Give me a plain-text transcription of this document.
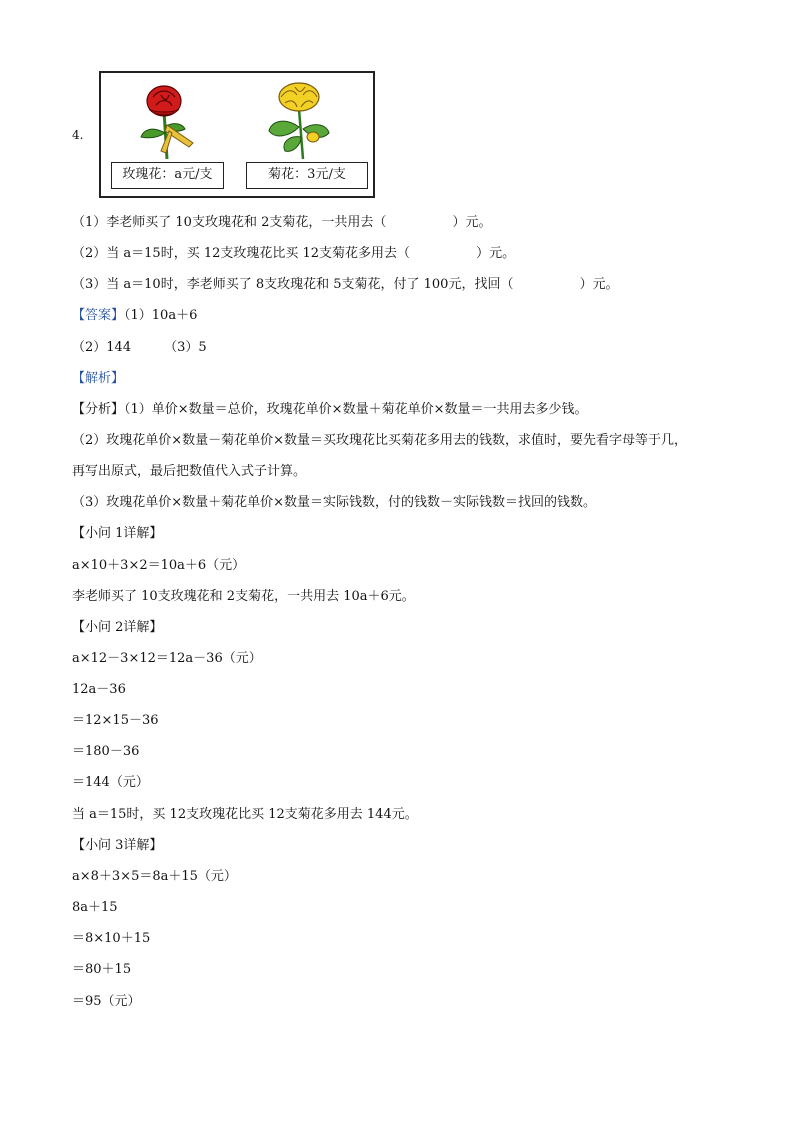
4.
玫瑰花：a元/支	菊花：3元/支
（1）李老师买了 10支玫瑰花和 2支菊花，一共用去（                ）元。
（2）当 a＝15时，买 12支玫瑰花比买 12支菊花多用去（                ）元。
（3）当 a＝10时，李老师买了 8支玫瑰花和 5支菊花，付了 100元，找回（                ）元。
【答案】（1）10a＋6
（2）144        （3）5
【解析】
【分析】（1）单价×数量＝总价，玫瑰花单价×数量＋菊花单价×数量＝一共用去多少钱。
（2）玫瑰花单价×数量－菊花单价×数量＝买玫瑰花比买菊花多用去的钱数，求值时，要先看字母等于几，
再写出原式，最后把数值代入式子计算。
（3）玫瑰花单价×数量＋菊花单价×数量＝实际钱数，付的钱数－实际钱数＝找回的钱数。
【小问 1详解】
a×10＋3×2＝10a＋6（元）
李老师买了 10支玫瑰花和 2支菊花，一共用去 10a＋6元。
【小问 2详解】
a×12－3×12＝12a－36（元）
12a－36
＝12×15－36
＝180－36
＝144（元）
当 a＝15时，买 12支玫瑰花比买 12支菊花多用去 144元。
【小问 3详解】
a×8＋3×5＝8a＋15（元）
8a＋15
＝8×10＋15
＝80＋15
＝95（元）
